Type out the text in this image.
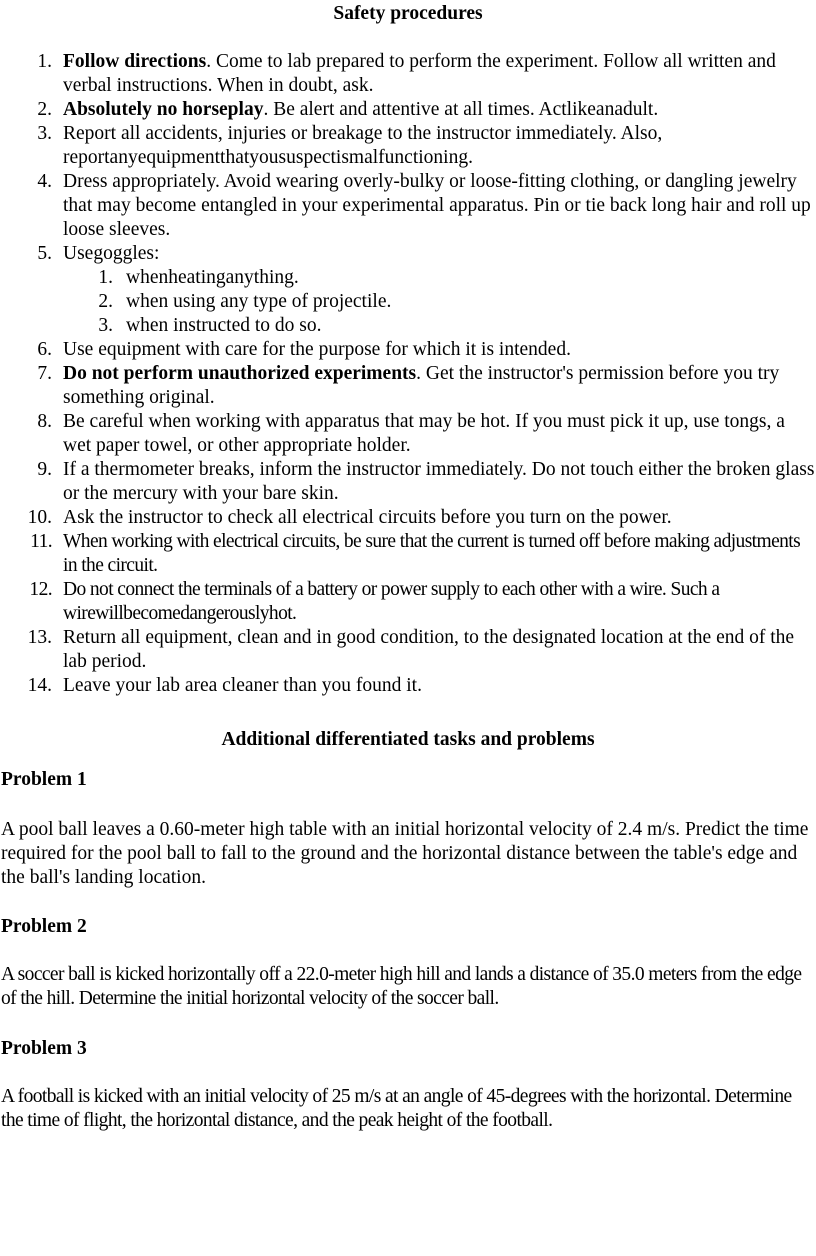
Safety procedures
1. Follow directions. Come to lab prepared to perform the experiment. Follow all written and verbal instructions. When in doubt, ask.
2. Absolutely no horseplay. Be alert and attentive at all times. Actlikeanadult.
3. Report all accidents, injuries or breakage to the instructor immediately. Also, reportanyequipmentthatyoususpectismalfunctioning.
4. Dress appropriately. Avoid wearing overly-bulky or loose-fitting clothing, or dangling jewelry that may become entangled in your experimental apparatus. Pin or tie back long hair and roll up loose sleeves.
5. Usegoggles:
1. whenheatinganything.
2. when using any type of projectile.
3. when instructed to do so.
6. Use equipment with care for the purpose for which it is intended.
7. Do not perform unauthorized experiments. Get the instructor's permission before you try something original.
8. Be careful when working with apparatus that may be hot. If you must pick it up, use tongs, a wet paper towel, or other appropriate holder.
9. If a thermometer breaks, inform the instructor immediately. Do not touch either the broken glass or the mercury with your bare skin.
10. Ask the instructor to check all electrical circuits before you turn on the power.
11. When working with electrical circuits, be sure that the current is turned off before making adjustments in the circuit.
12. Do not connect the terminals of a battery or power supply to each other with a wire. Such a wirewillbecomedangerouslyhot.
13. Return all equipment, clean and in good condition, to the designated location at the end of the lab period.
14. Leave your lab area cleaner than you found it.
Additional differentiated tasks and problems
Problem 1

A pool ball leaves a 0.60-meter high table with an initial horizontal velocity of 2.4 m/s. Predict the time required for the pool ball to fall to the ground and the horizontal distance between the table's edge and the ball's landing location.

Problem 2

A soccer ball is kicked horizontally off a 22.0-meter high hill and lands a distance of 35.0 meters from the edge of the hill. Determine the initial horizontal velocity of the soccer ball.

Problem 3

A football is kicked with an initial velocity of 25 m/s at an angle of 45-degrees with the horizontal. Determine the time of flight, the horizontal distance, and the peak height of the football.
